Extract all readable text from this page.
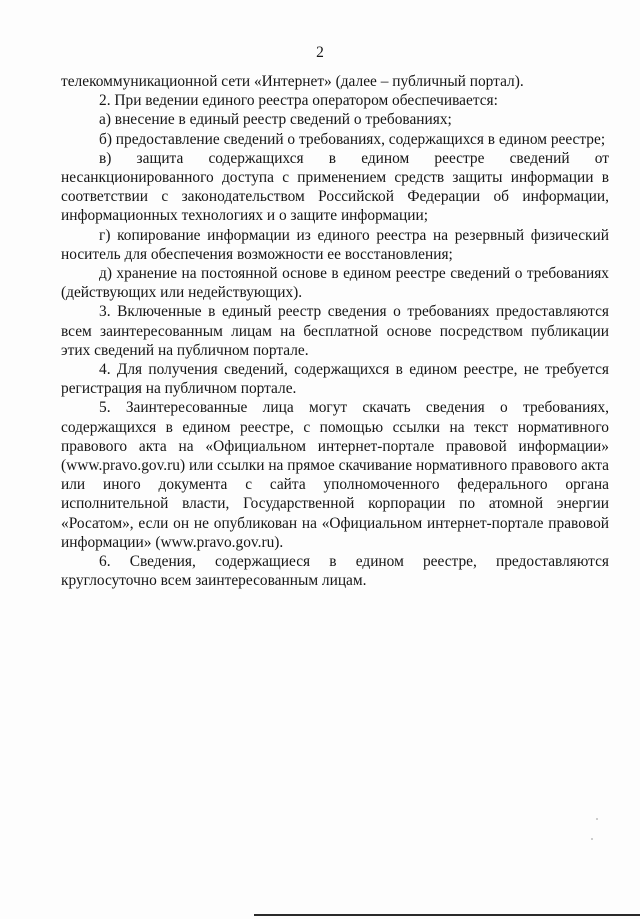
2

телекоммуникационной сети «Интернет» (далее – публичный портал).

2. При ведении единого реестра оператором обеспечивается:

а) внесение в единый реестр сведений о требованиях;

б) предоставление сведений о требованиях, содержащихся в едином реестре;

в) защита содержащихся в едином реестре сведений от несанкционированного доступа с применением средств защиты информации в соответствии с законодательством Российской Федерации об информации, информационных технологиях и о защите информации;

г) копирование информации из единого реестра на резервный физический носитель для обеспечения возможности ее восстановления;

д) хранение на постоянной основе в едином реестре сведений о требованиях (действующих или недействующих).

3. Включенные в единый реестр сведения о требованиях предоставляются всем заинтересованным лицам на бесплатной основе посредством публикации этих сведений на публичном портале.

4. Для получения сведений, содержащихся в едином реестре, не требуется регистрация на публичном портале.

5. Заинтересованные лица могут скачать сведения о требованиях, содержащихся в едином реестре, с помощью ссылки на текст нормативного правового акта на «Официальном интернет-портале правовой информации» (www.pravo.gov.ru) или ссылки на прямое скачивание нормативного правового акта или иного документа с сайта уполномоченного федерального органа исполнительной власти, Государственной корпорации по атомной энергии «Росатом», если он не опубликован на «Официальном интернет-портале правовой информации» (www.pravo.gov.ru).

6. Сведения, содержащиеся в едином реестре, предоставляются круглосуточно всем заинтересованным лицам.
